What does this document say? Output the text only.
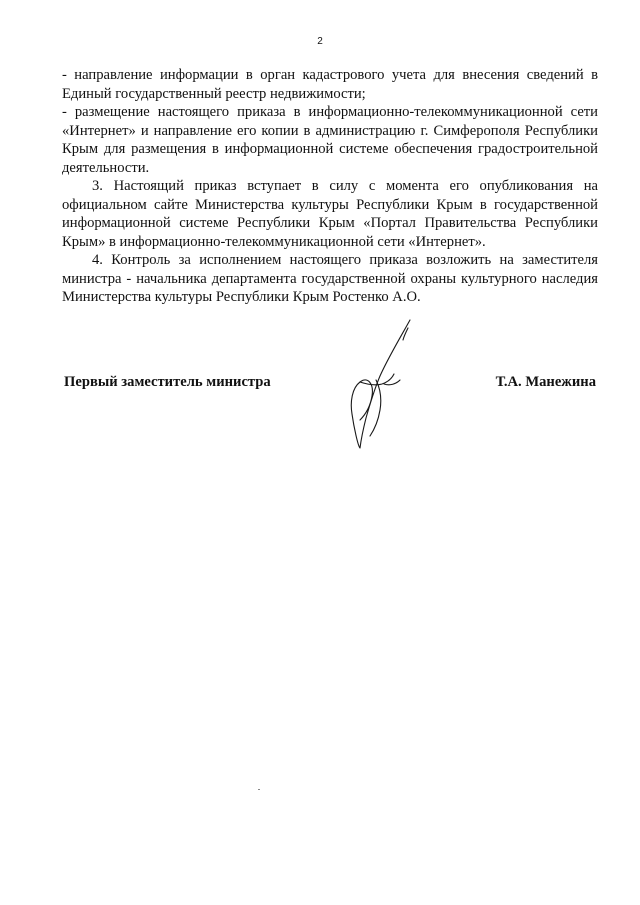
2

- направление информации в орган кадастрового учета для внесения сведений в Единый государственный реестр недвижимости;

- размещение настоящего приказа в информационно-телекоммуникационной сети «Интернет» и направление его копии в администрацию г. Симферополя Республики Крым для размещения в информационной системе обеспечения градостроительной деятельности.

3. Настоящий приказ вступает в силу с момента его опубликования на официальном сайте Министерства культуры Республики Крым в государственной информационной системе Республики Крым «Портал Правительства Республики Крым» в информационно-телекоммуникационной сети «Интернет».

4. Контроль за исполнением настоящего приказа возложить на заместителя министра - начальника департамента государственной охраны культурного наследия Министерства культуры Республики Крым Ростенко А.О.

Первый заместитель министра	Т.А. Манежина
